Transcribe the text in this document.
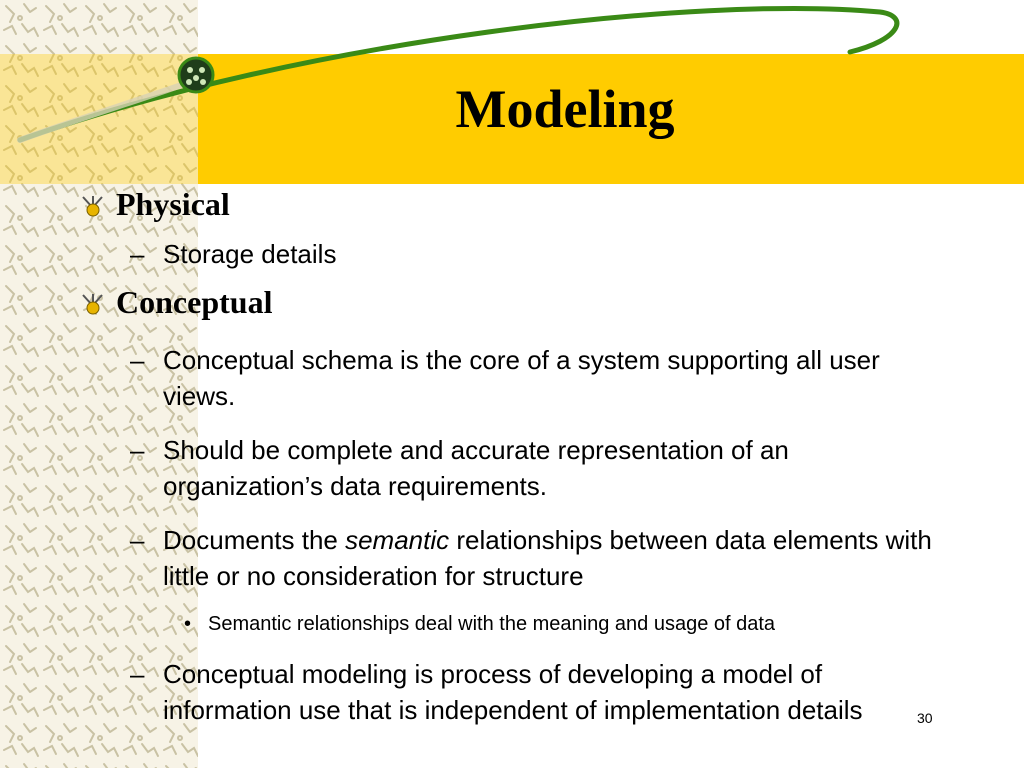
Modeling
Physical
– Storage details
Conceptual
– Conceptual schema is the core of a system supporting all user views.
– Should be complete and accurate representation of an organization’s data requirements.
– Documents the semantic relationships between data elements with little or no consideration for structure
• Semantic relationships deal with the meaning and usage of data
– Conceptual modeling is process of developing a model of information use that is independent of implementation details	30
